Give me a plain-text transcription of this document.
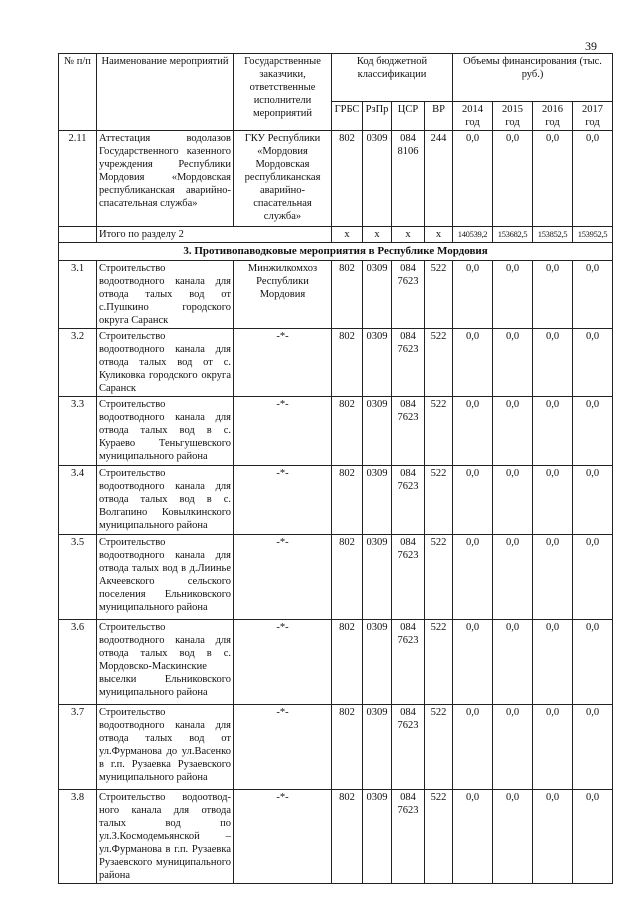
39
№ п/п	Наименование мероприятий	Государственные заказчики, ответственные исполнители мероприятий	Код бюджетной классификации				Объемы финансирования (тыс. руб.)			
			ГРБС	РзПр	ЦСР	ВР	2014 год	2015 год	2016 год	2017 год
2.11	Аттестация водолазов Государственного казенного учреждения Республики Мордовия «Мордовская республиканская аварийно-спасательная служба»	ГКУ Республики «Мордовия Мордовская республиканская аварийно-спасательная служба»	802	0309	084 8106	244	0,0	0,0	0,0	0,0
	Итого по разделу 2		х	х	х	х	140539,2	153682,5	153852,5	153952,5
3. Противопаводковые мероприятия в Республике Мордовия										
3.1	Строительство водоотводного канала для отвода талых вод от с.Пушкино городского округа Саранск	Минжилкомхоз Республики Мордовия	802	0309	084 7623	522	0,0	0,0	0,0	0,0
3.2	Строительство водоотводного канала для отвода талых вод от с. Куликовка городского округа Саранск	-*-	802	0309	084 7623	522	0,0	0,0	0,0	0,0
3.3	Строительство водоотводного канала для отвода талых вод в с. Кураево Теньгушевского муниципального района	-*-	802	0309	084 7623	522	0,0	0,0	0,0	0,0
3.4	Строительство водоотводного канала для отвода талых вод в с. Волгапино Ковылкинского муниципального района	-*-	802	0309	084 7623	522	0,0	0,0	0,0	0,0
3.5	Строительство водоотводного канала для отвода талых вод в д.Лиинье Акчеевского сельского поселения Ельниковского муниципального района	-*-	802	0309	084 7623	522	0,0	0,0	0,0	0,0
3.6	Строительство водоотводного канала для отвода талых вод в с. Мордовско-Маскинские выселки Ельниковского муниципального района	-*-	802	0309	084 7623	522	0,0	0,0	0,0	0,0
3.7	Строительство водоотводного канала для отвода талых вод от ул.Фурманова до ул.Васенко в г.п. Рузаевка Рузаевского муниципального района	-*-	802	0309	084 7623	522	0,0	0,0	0,0	0,0
3.8	Строительство водоотвод-ного канала для отвода талых вод по ул.З.Космодемьянской – ул.Фурманова в г.п. Рузаевка Рузаевского муниципального района	-*-	802	0309	084 7623	522	0,0	0,0	0,0	0,0
